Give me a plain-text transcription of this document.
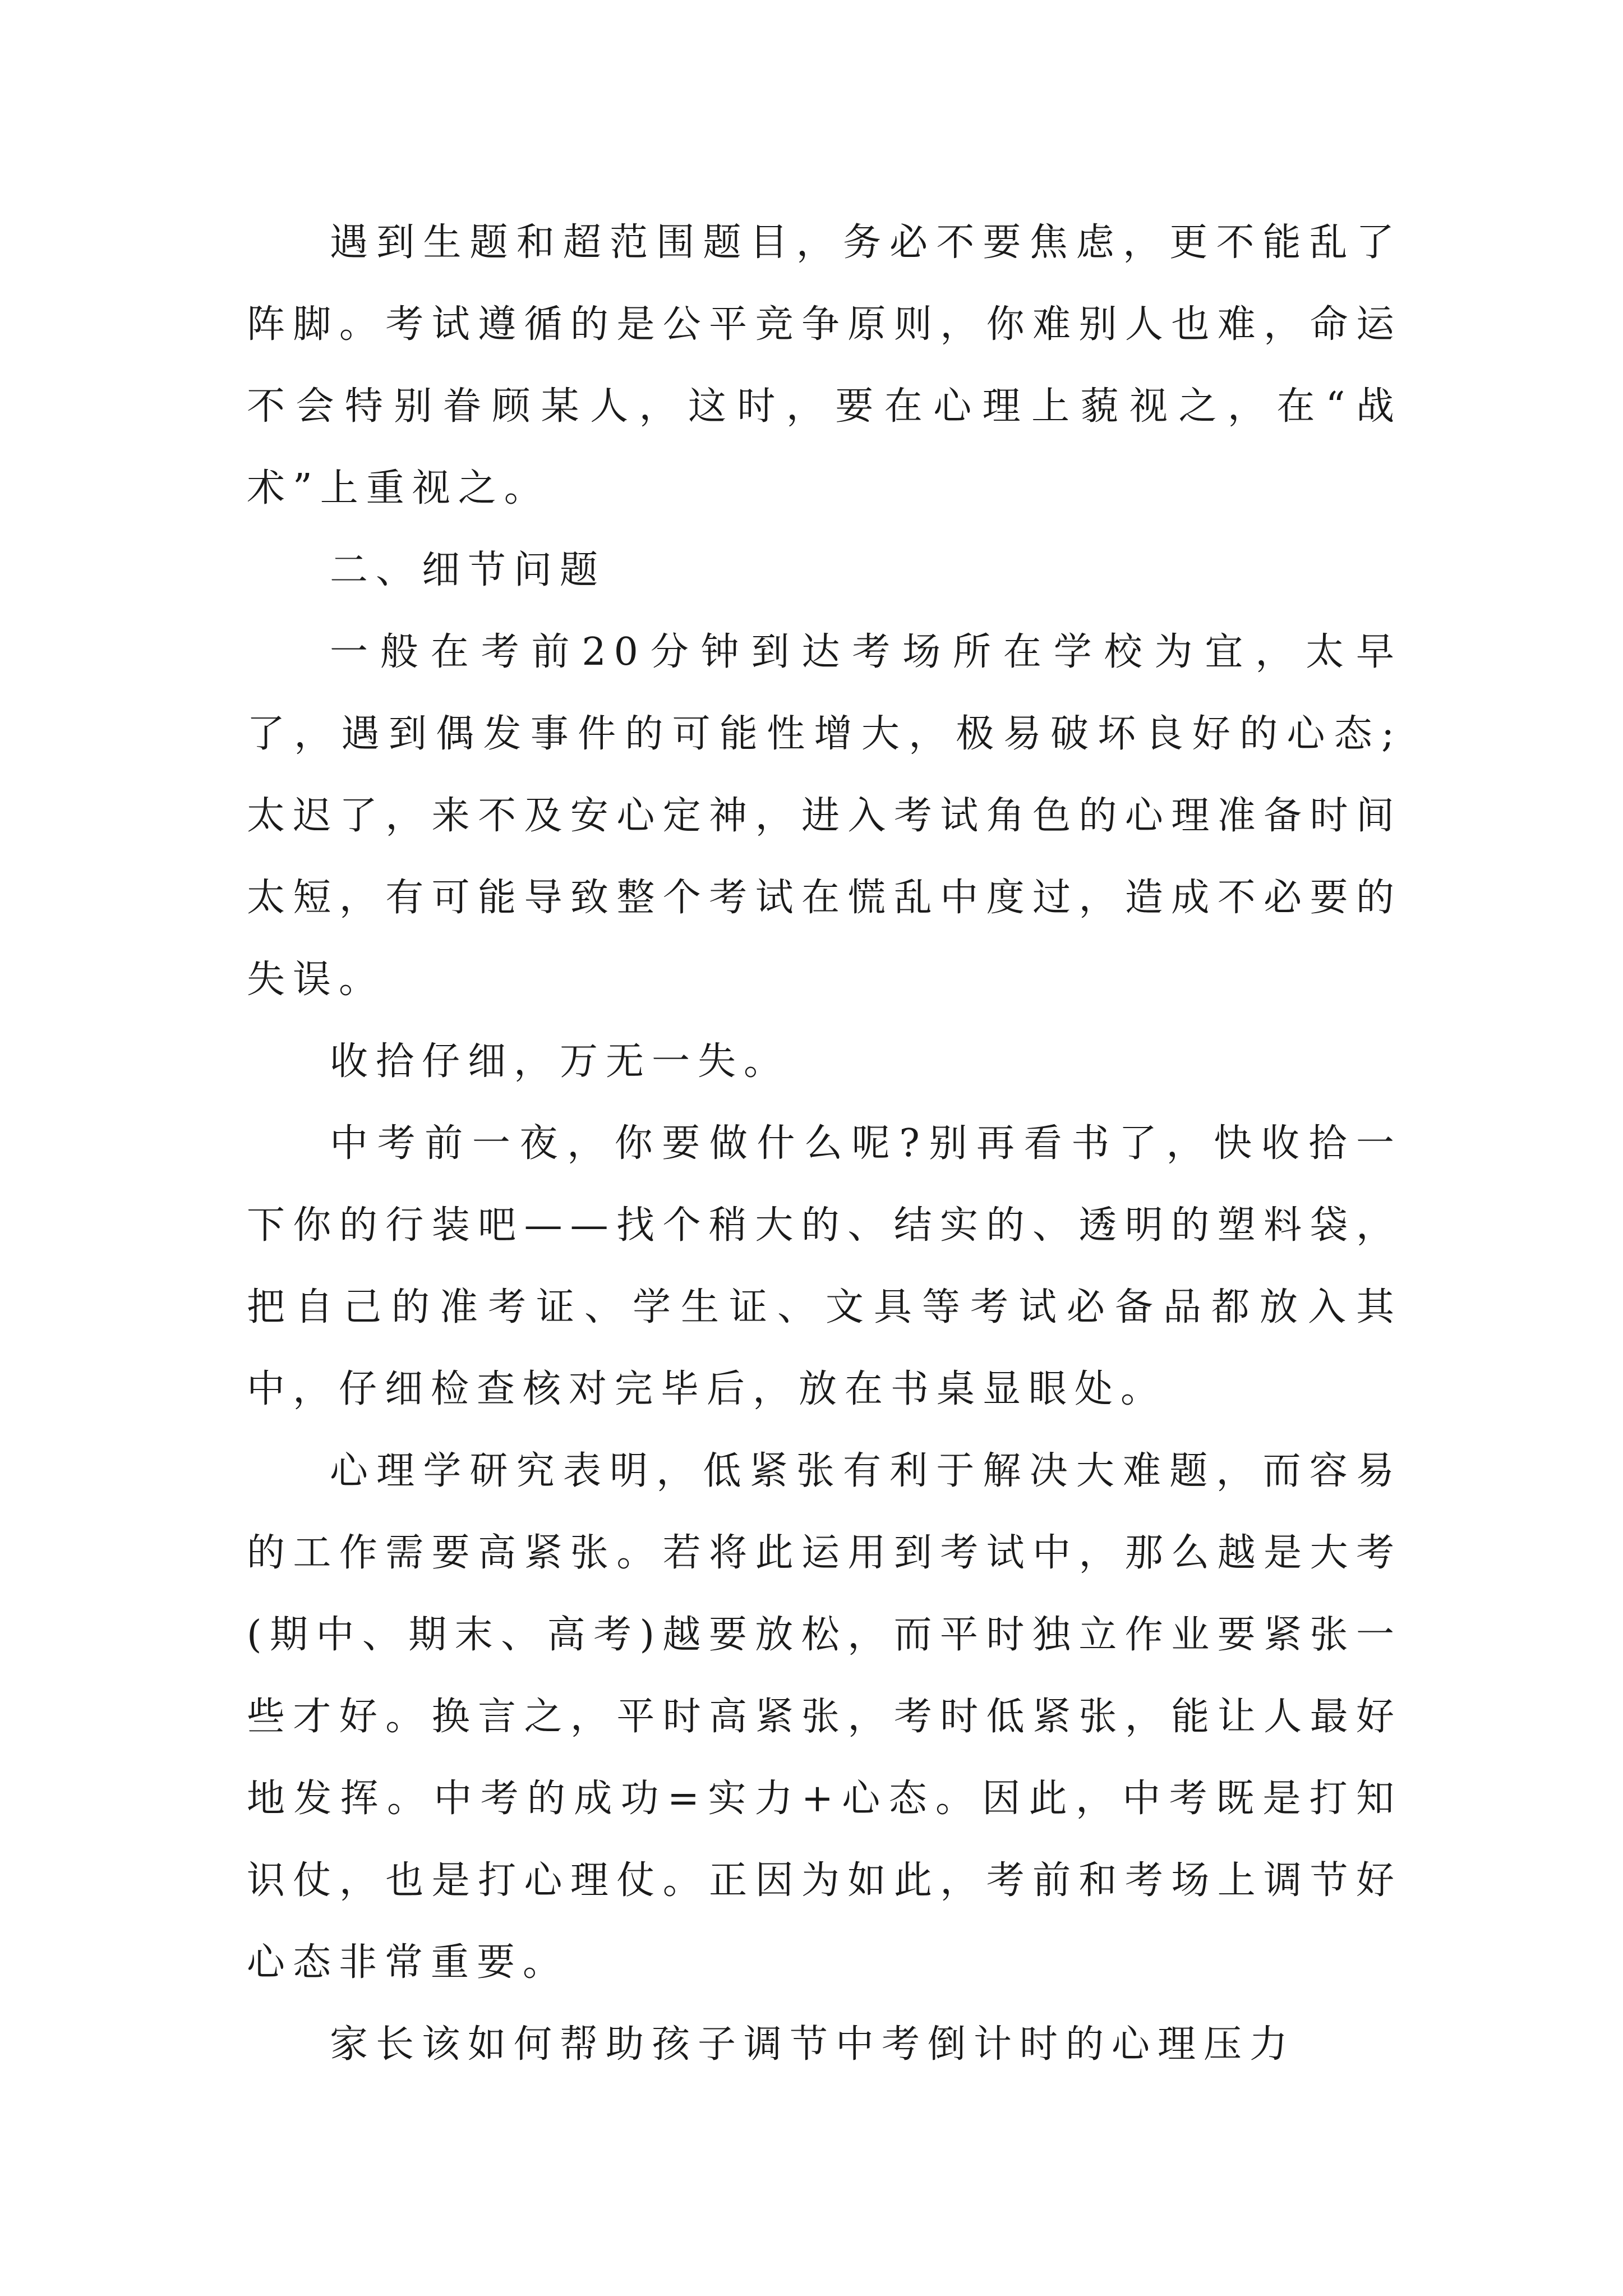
遇到生题和超范围题目，务必不要焦虑，更不能乱了阵脚。考试遵循的是公平竞争原则，你难别人也难，命运不会特别眷顾某人，这时，要在心理上藐视之，在“战术”上重视之。

二、细节问题

一般在考前20分钟到达考场所在学校为宜，太早了，遇到偶发事件的可能性增大，极易破坏良好的心态;太迟了，来不及安心定神，进入考试角色的心理准备时间太短，有可能导致整个考试在慌乱中度过，造成不必要的失误。

收拾仔细，万无一失。

中考前一夜，你要做什么呢?别再看书了，快收拾一下你的行装吧——找个稍大的、结实的、透明的塑料袋，把自己的准考证、学生证、文具等考试必备品都放入其中，仔细检查核对完毕后，放在书桌显眼处。

心理学研究表明，低紧张有利于解决大难题，而容易的工作需要高紧张。若将此运用到考试中，那么越是大考(期中、期末、高考)越要放松，而平时独立作业要紧张一些才好。换言之，平时高紧张，考时低紧张，能让人最好地发挥。中考的成功=实力+心态。因此，中考既是打知识仗，也是打心理仗。正因为如此，考前和考场上调节好心态非常重要。

家长该如何帮助孩子调节中考倒计时的心理压力
